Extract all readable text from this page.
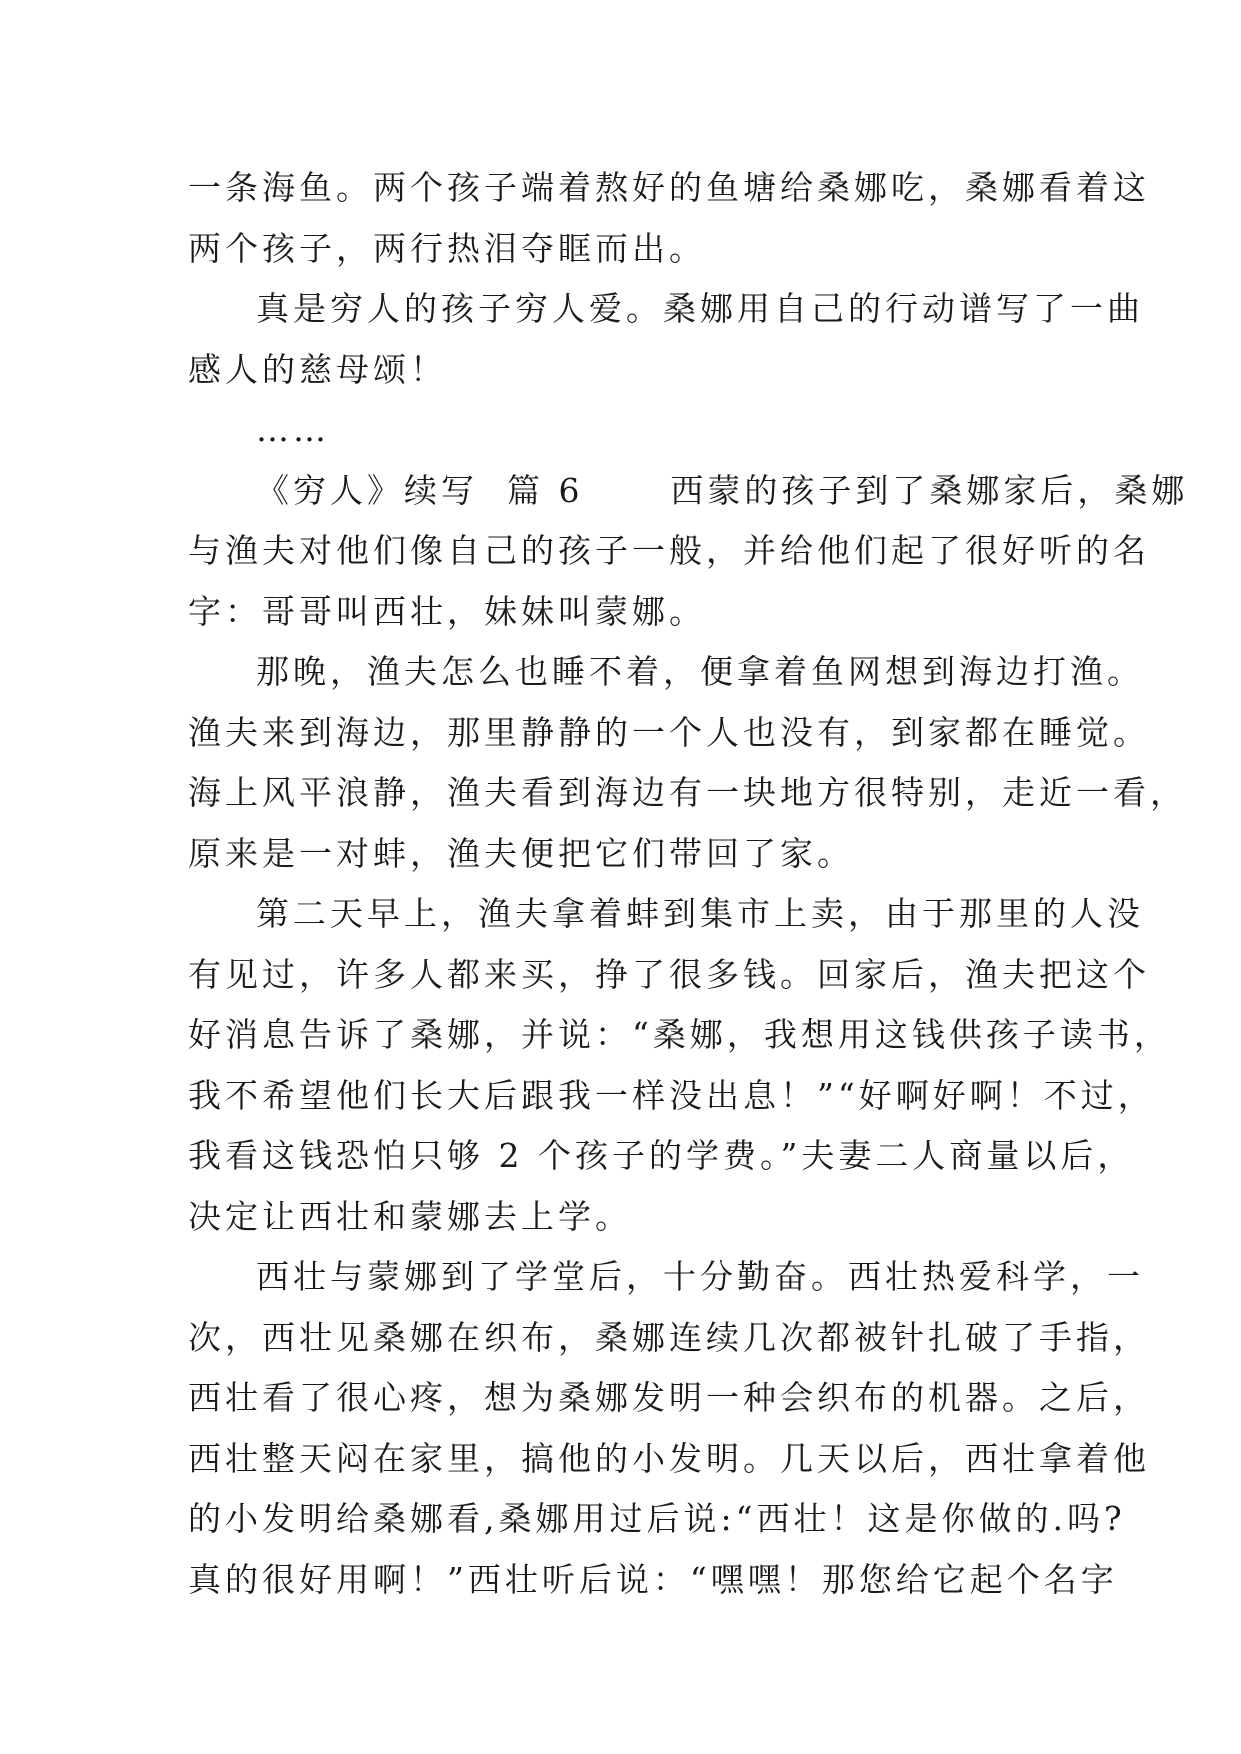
一条海鱼。两个孩子端着熬好的鱼塘给桑娜吃，桑娜看着这
两个孩子，两行热泪夺眶而出。
真是穷人的孩子穷人爱。桑娜用自己的行动谱写了一曲
感人的慈母颂！
……
《穷人》续写  篇 6      西蒙的孩子到了桑娜家后，桑娜
与渔夫对他们像自己的孩子一般，并给他们起了很好听的名
字：哥哥叫西壮，妹妹叫蒙娜。
那晚，渔夫怎么也睡不着，便拿着鱼网想到海边打渔。
渔夫来到海边，那里静静的一个人也没有，到家都在睡觉。
海上风平浪静，渔夫看到海边有一块地方很特别，走近一看，
原来是一对蚌，渔夫便把它们带回了家。
第二天早上，渔夫拿着蚌到集市上卖，由于那里的人没
有见过，许多人都来买，挣了很多钱。回家后，渔夫把这个
好消息告诉了桑娜，并说：“桑娜，我想用这钱供孩子读书，
我不希望他们长大后跟我一样没出息！”“好啊好啊！不过，
我看这钱恐怕只够 2 个孩子的学费。”夫妻二人商量以后，
决定让西壮和蒙娜去上学。
西壮与蒙娜到了学堂后，十分勤奋。西壮热爱科学，一
次，西壮见桑娜在织布，桑娜连续几次都被针扎破了手指，
西壮看了很心疼，想为桑娜发明一种会织布的机器。之后，
西壮整天闷在家里，搞他的小发明。几天以后，西壮拿着他
的小发明给桑娜看,桑娜用过后说:“西壮！这是你做的.吗?
真的很好用啊！”西壮听后说：“嘿嘿！那您给它起个名字
